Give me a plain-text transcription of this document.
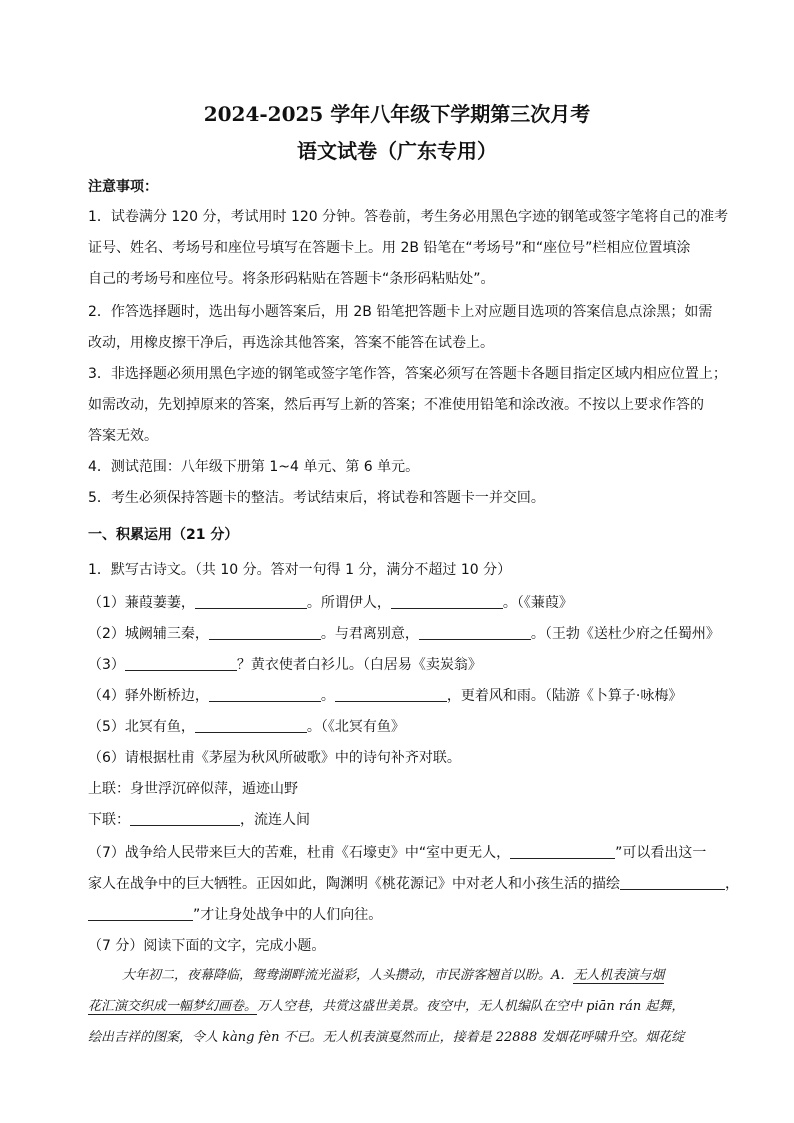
2024-2025 学年八年级下学期第三次月考
语文试卷（广东专用）
注意事项：
1．试卷满分 120 分，考试用时 120 分钟。答卷前，考生务必用黑色字迹的钢笔或签字笔将自己的准考
证号、姓名、考场号和座位号填写在答题卡上。用 2B 铅笔在“考场号”和“座位号”栏相应位置填涂
自己的考场号和座位号。将条形码粘贴在答题卡“条形码粘贴处”。
2．作答选择题时，选出每小题答案后，用 2B 铅笔把答题卡上对应题目选项的答案信息点涂黑；如需
改动，用橡皮擦干净后，再选涂其他答案，答案不能答在试卷上。
3．非选择题必须用黑色字迹的钢笔或签字笔作答，答案必须写在答题卡各题目指定区域内相应位置上；
如需改动，先划掉原来的答案，然后再写上新的答案；不准使用铅笔和涂改液。不按以上要求作答的
答案无效。
4．测试范围：八年级下册第 1~4 单元、第 6 单元。
5．考生必须保持答题卡的整洁。考试结束后，将试卷和答题卡一并交回。
一、积累运用（21 分）
1．默写古诗文。（共 10 分。答对一句得 1 分，满分不超过 10 分）
（1）蒹葭萋萋，	。所谓伊人，	。（《蒹葭》
（2）城阙辅三秦，	。与君离别意，	。（王勃《送杜少府之任蜀州》
（3）	？黄衣使者白衫儿。（白居易《卖炭翁》
（4）驿外断桥边，	。	，更着风和雨。（陆游《卜算子·咏梅》
（5）北冥有鱼，	。（《北冥有鱼》
（6）请根据杜甫《茅屋为秋风所破歌》中的诗句补齐对联。
上联：身世浮沉碎似萍，遁迹山野
下联：	，流连人间
（7）战争给人民带来巨大的苦难，杜甫《石壕吏》中“室中更无人，	”可以看出这一
家人在战争中的巨大牺牲。正因如此，陶渊明《桃花源记》中对老人和小孩生活的描绘	，
”才让身处战争中的人们向往。
（7 分）阅读下面的文字，完成小题。
大年初二，夜幕降临，鸳鸯湖畔流光溢彩，人头攒动，市民游客翘首以盼。A．无人机表演与烟
花汇演交织成一幅梦幻画卷。万人空巷，共赏这盛世美景。夜空中，无人机编队在空中 piān rán 起舞，
绘出吉祥的图案，令人 kàng fèn 不已。无人机表演戛然而止，接着是 22888 发烟花呼啸升空。烟花绽
